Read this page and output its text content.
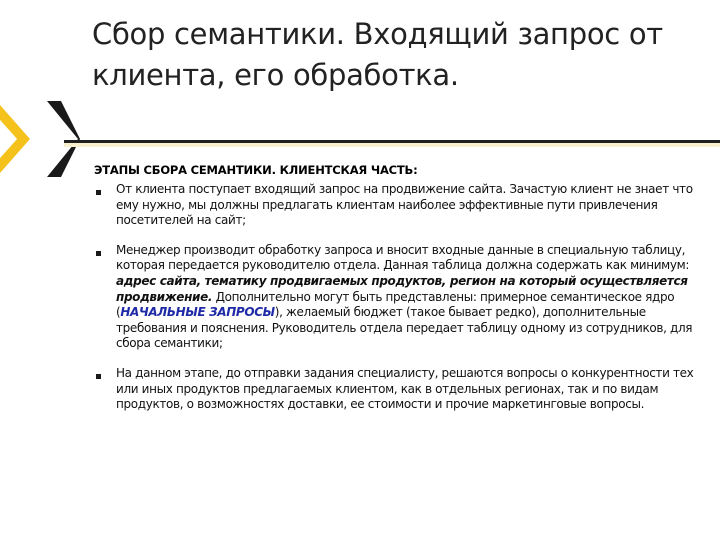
Сбор семантики. Входящий запрос от
клиента, его обработка.
ЭТАПЫ СБОРА СЕМАНТИКИ. КЛИЕНТСКАЯ ЧАСТЬ:
От клиента поступает входящий запрос на продвижение сайта. Зачастую клиент не знает что ему нужно, мы должны предлагать клиентам наиболее эффективные пути привлечения посетителей на сайт;
Менеджер производит обработку запроса и вносит входные данные в специальную таблицу, которая передается руководителю отдела. Данная таблица должна содержать как минимум: адрес сайта, тематику продвигаемых продуктов, регион на который осуществляется продвижение. Дополнительно могут быть представлены: примерное семантическое ядро (НАЧАЛЬНЫЕ ЗАПРОСЫ), желаемый бюджет (такое бывает редко), дополнительные требования и пояснения. Руководитель отдела передает таблицу одному из сотрудников, для сбора семантики;
На данном этапе, до отправки задания специалисту, решаются вопросы о конкурентности тех или иных продуктов предлагаемых клиентом, как в отдельных регионах, так и по видам продуктов, о возможностях доставки, ее стоимости и прочие маркетинговые вопросы.
